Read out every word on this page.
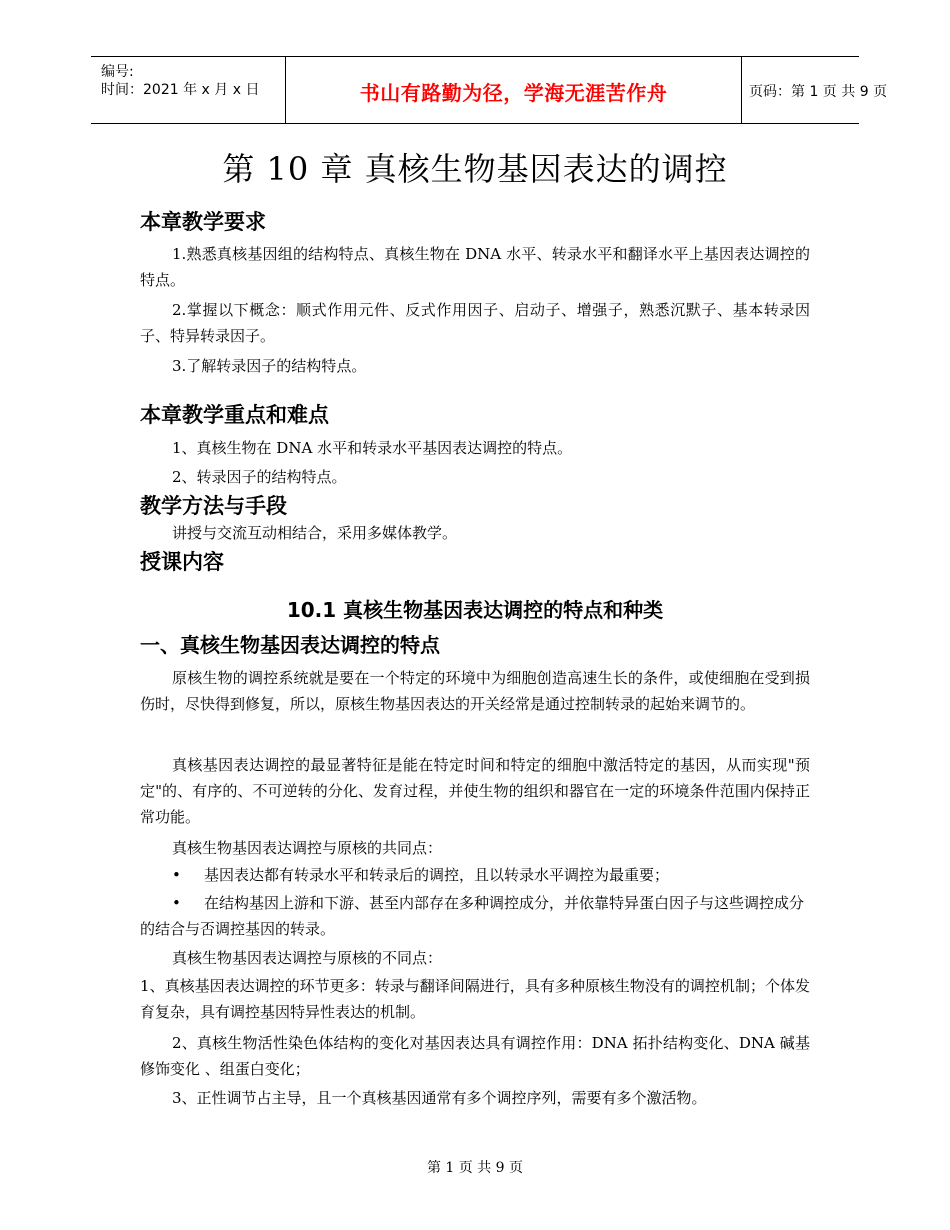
编号:
时间：2021 年 x 月 x 日	书山有路勤为径，学海无涯苦作舟	页码：第 1 页 共 9 页
第 10 章 真核生物基因表达的调控
本章教学要求
1.熟悉真核基因组的结构特点、真核生物在 DNA 水平、转录水平和翻译水平上基因表达调控的特点。
2.掌握以下概念：顺式作用元件、反式作用因子、启动子、增强子，熟悉沉默子、基本转录因子、特异转录因子。
3.了解转录因子的结构特点。
本章教学重点和难点
1、真核生物在 DNA 水平和转录水平基因表达调控的特点。
2、转录因子的结构特点。
教学方法与手段
讲授与交流互动相结合，采用多媒体教学。
授课内容
10.1 真核生物基因表达调控的特点和种类
一、真核生物基因表达调控的特点
原核生物的调控系统就是要在一个特定的环境中为细胞创造高速生长的条件，或使细胞在受到损伤时，尽快得到修复，所以，原核生物基因表达的开关经常是通过控制转录的起始来调节的。
真核基因表达调控的最显著特征是能在特定时间和特定的细胞中激活特定的基因，从而实现"预定"的、有序的、不可逆转的分化、发育过程，并使生物的组织和器官在一定的环境条件范围内保持正常功能。
真核生物基因表达调控与原核的共同点：
•	基因表达都有转录水平和转录后的调控，且以转录水平调控为最重要；
•	在结构基因上游和下游、甚至内部存在多种调控成分，并依靠特异蛋白因子与这些调控成分的结合与否调控基因的转录。
真核生物基因表达调控与原核的不同点：
1、真核基因表达调控的环节更多：转录与翻译间隔进行，具有多种原核生物没有的调控机制；个体发育复杂，具有调控基因特异性表达的机制。
2、真核生物活性染色体结构的变化对基因表达具有调控作用：DNA 拓扑结构变化、DNA 碱基修饰变化 、组蛋白变化；
3、正性调节占主导，且一个真核基因通常有多个调控序列，需要有多个激活物。
第 1 页 共 9 页
